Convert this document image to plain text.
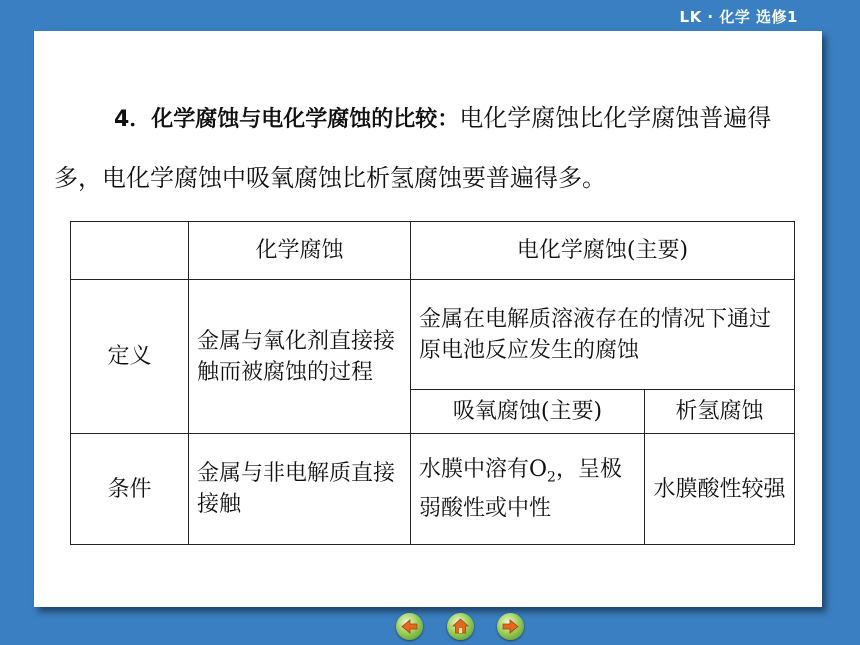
LK · 化学 选修1
4．化学腐蚀与电化学腐蚀的比较：电化学腐蚀比化学腐蚀普遍得多，电化学腐蚀中吸氧腐蚀比析氢腐蚀要普遍得多。
	化学腐蚀	电化学腐蚀(主要)	
定义	金属与氧化剂直接接触而被腐蚀的过程	金属在电解质溶液存在的情况下通过原电池反应发生的腐蚀	
		吸氧腐蚀(主要)	析氢腐蚀
条件	金属与非电解质直接接触	水膜中溶有$O_2$，呈极弱酸性或中性	水膜酸性较强
